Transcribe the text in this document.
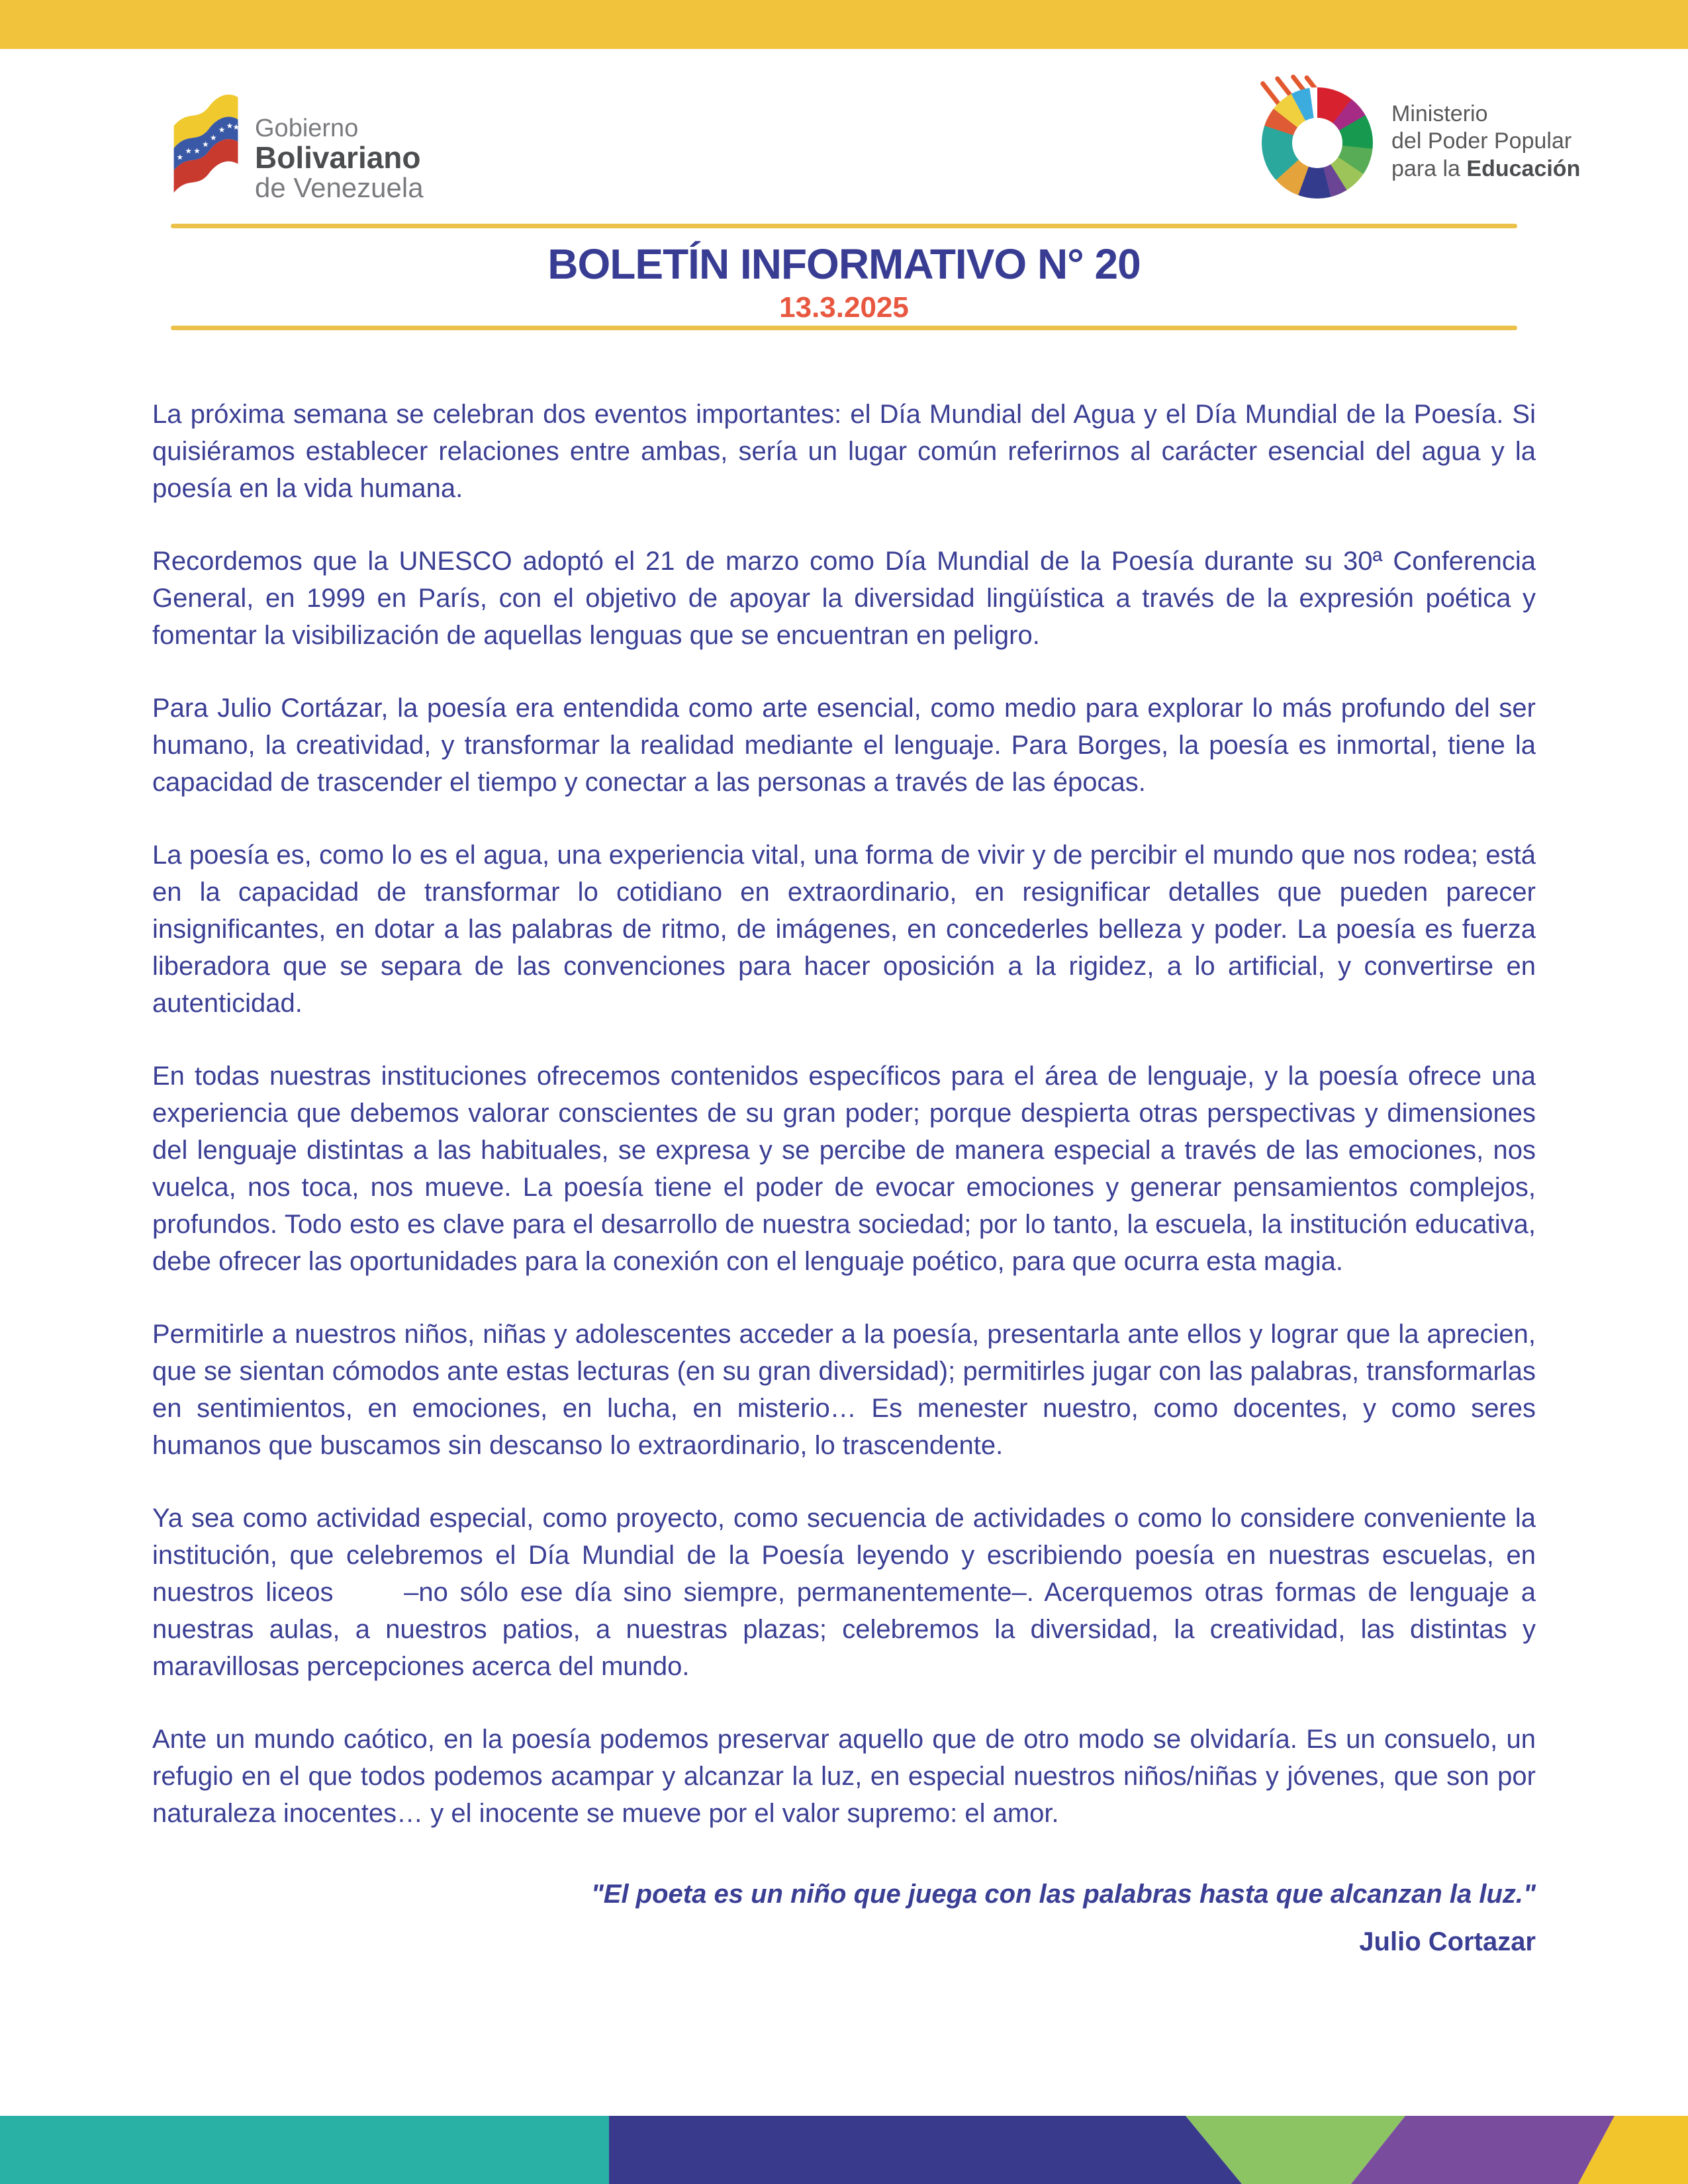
★
★ ★
★
★
★ ★ ★ Gobierno
Bolivariano
de Venezuela
Ministerio
del Poder Popular
para la Educación
BOLETÍN INFORMATIVO N° 20
13.3.2025

La próxima semana se celebran dos eventos importantes: el Día Mundial del Agua y el Día Mundial de la Poesía. Si quisiéramos establecer relaciones entre ambas, sería un lugar común referirnos al carácter esencial del agua y la poesía en la vida humana.

Recordemos que la UNESCO adoptó el 21 de marzo como Día Mundial de la Poesía durante su 30ª Conferencia General, en 1999 en París, con el objetivo de apoyar la diversidad lingüística a través de la expresión poética y fomentar la visibilización de aquellas lenguas que se encuentran en peligro.

Para Julio Cortázar, la poesía era entendida como arte esencial, como medio para explorar lo más profundo del ser humano, la creatividad, y transformar la realidad mediante el lenguaje. Para Borges, la poesía es inmortal, tiene la capacidad de trascender el tiempo y conectar a las personas a través de las épocas.

La poesía es, como lo es el agua, una experiencia vital, una forma de vivir y de percibir el mundo que nos rodea; está en la capacidad de transformar lo cotidiano en extraordinario, en resignificar detalles que pueden parecer insignificantes, en dotar a las palabras de ritmo, de imágenes, en concederles belleza y poder. La poesía es fuerza liberadora que se separa de las convenciones para hacer oposición a la rigidez, a lo artificial, y convertirse en autenticidad.

En todas nuestras instituciones ofrecemos contenidos específicos para el área de lenguaje, y la poesía ofrece una experiencia que debemos valorar conscientes de su gran poder; porque despierta otras perspectivas y dimensiones del lenguaje distintas a las habituales, se expresa y se percibe de manera especial a través de las emociones, nos vuelca, nos toca, nos mueve. La poesía tiene el poder de evocar emociones y generar pensamientos complejos, profundos. Todo esto es clave para el desarrollo de nuestra sociedad; por lo tanto, la escuela, la institución educativa, debe ofrecer las oportunidades para la conexión con el lenguaje poético, para que ocurra esta magia.

Permitirle a nuestros niños, niñas y adolescentes acceder a la poesía, presentarla ante ellos y lograr que la aprecien, que se sientan cómodos ante estas lecturas (en su gran diversidad); permitirles jugar con las palabras, transformarlas en sentimientos, en emociones, en lucha, en misterio… Es menester nuestro, como docentes, y como seres humanos que buscamos sin descanso lo extraordinario, lo trascendente.

Ya sea como actividad especial, como proyecto, como secuencia de actividades o como lo considere conveniente la institución, que celebremos el Día Mundial de la Poesía leyendo y escribiendo poesía en nuestras escuelas, en nuestros liceos      –no sólo ese día sino siempre, permanentemente–. Acerquemos otras formas de lenguaje a nuestras aulas, a nuestros patios, a nuestras plazas; celebremos la diversidad, la creatividad, las distintas y maravillosas percepciones acerca del mundo.

Ante un mundo caótico, en la poesía podemos preservar aquello que de otro modo se olvidaría. Es un consuelo, un refugio en el que todos podemos acampar y alcanzar la luz, en especial nuestros niños/niñas y jóvenes, que son por naturaleza inocentes… y el inocente se mueve por el valor supremo: el amor.

"El poeta es un niño que juega con las palabras hasta que alcanzan la luz."

Julio Cortazar
